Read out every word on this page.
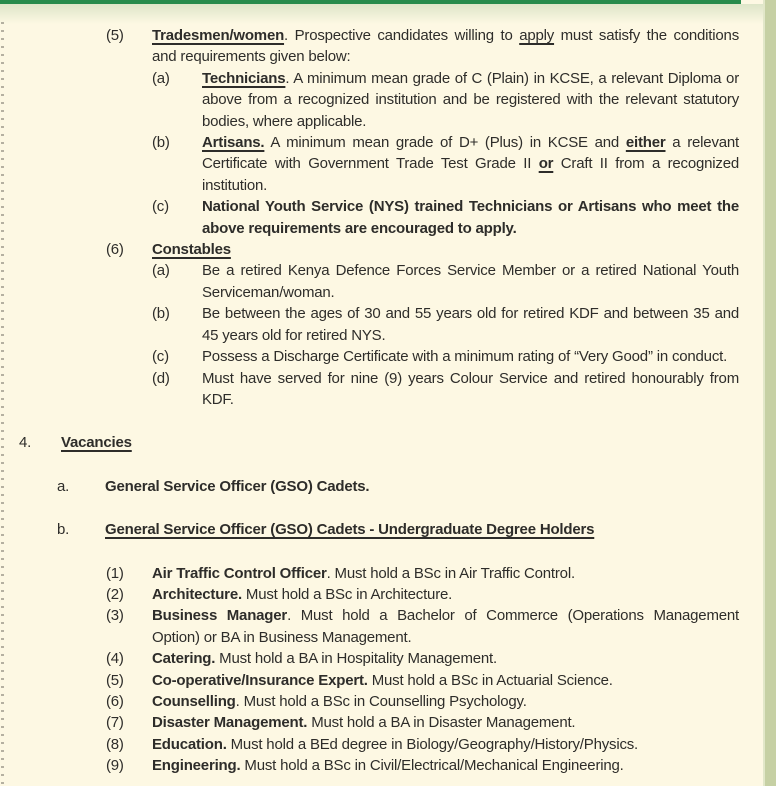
(5) Tradesmen/women. Prospective candidates willing to apply must satisfy the conditions and requirements given below:
(a) Technicians. A minimum mean grade of C (Plain) in KCSE, a relevant Diploma or above from a recognized institution and be registered with the relevant statutory bodies, where applicable.
(b) Artisans. A minimum mean grade of D+ (Plus) in KCSE and either a relevant Certificate with Government Trade Test Grade II or Craft II from a recognized institution.
(c) National Youth Service (NYS) trained Technicians or Artisans who meet the above requirements are encouraged to apply.
(6) Constables
(a) Be a retired Kenya Defence Forces Service Member or a retired National Youth Serviceman/woman.
(b) Be between the ages of 30 and 55 years old for retired KDF and between 35 and 45 years old for retired NYS.
(c) Possess a Discharge Certificate with a minimum rating of “Very Good” in conduct.
(d) Must have served for nine (9) years Colour Service and retired honourably from KDF.
4. Vacancies
a. General Service Officer (GSO) Cadets.
b. General Service Officer (GSO) Cadets - Undergraduate Degree Holders
(1) Air Traffic Control Officer. Must hold a BSc in Air Traffic Control.
(2) Architecture. Must hold a BSc in Architecture.
(3) Business Manager. Must hold a Bachelor of Commerce (Operations Management Option) or BA in Business Management.
(4) Catering. Must hold a BA in Hospitality Management.
(5) Co-operative/Insurance Expert. Must hold a BSc in Actuarial Science.
(6) Counselling. Must hold a BSc in Counselling Psychology.
(7) Disaster Management. Must hold a BA in Disaster Management.
(8) Education. Must hold a BEd degree in Biology/Geography/History/Physics.
(9) Engineering. Must hold a BSc in Civil/Electrical/Mechanical Engineering.
